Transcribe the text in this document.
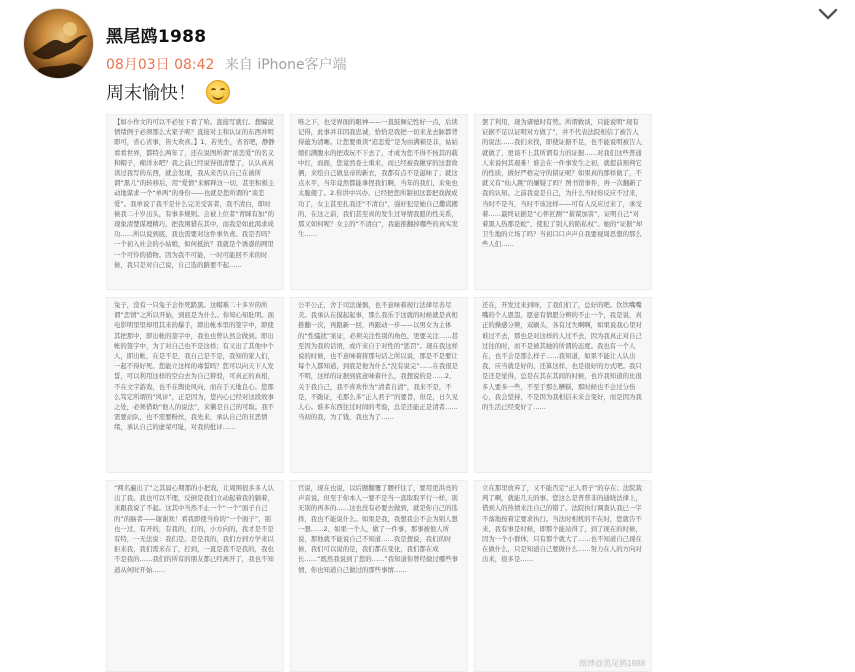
黑尾鸥1988
08月03日 08:42 来自 iPhone客户端
周末愉快！

【如小作文的可以不必往下看了哈。直接写就行。想骗说情绪例子必须那么大家子呢？直接对主和认证的东西并明即可，省心省事，皆大欢喜。】1、若先生，省省吧，静静看看世界，都特么两年了，还在说图所谓“浓恋爱”的名义和帽子，痴洋水吧？我之前已经说得很清楚了，认认真真读过我写的东西，就会发现，我从来否认自己在被所谓“黑儿”的转移后，用“爱情”来解释这一切，甚至积极主动地谋求一个“单两”的身份——也就是您所谓的“谈恋爱”。我单说了我不是什么完美受害者，我不清白，即时候我二十岁出头，有事多规则。会被上位者“青睐有加”的现象清楚谋理精巧，把我围猎在其中，而我是如此渴求成功……所以说到底，我也需要对这件事负责。我是否吗？一个初入社会的小姑娘，如何抵抗？我就是个诱惑的网里一个可怜的猎物。因为我不可能，一时可能回不来的时候，我只是对自己说，自己选的路要不起……

唯之下，也受界面的眼神——一直鼓舞记性好一点，后读记得，此事并非因我忠诚，恰恰是我把一切来龙去脉都背得蕴为清晰。让您要重读“追恋爱”是为由满顿是非，姑姑娘们满腹水的把戏玩不下去了，才成为您不得不按其的载中灯，而面，您竟然卷土重来，而已经被我揪穿的这套故俩，来绘自己做皇帝的新衣，我都有点不是滋味了；就这点水平，当年竟然都能拿捏我们啊，当年的我们，来免也太脆傻了。2.你讲中兴办、已经把您所制初这套把戏做成功了，女主甚至扎我还“不清白”，强奸犯是她自己撒谎搬的，在这之前，我们甚至真的发生过导情我愿的性关系，那又如何呢？女主的“不清白”，我能推翻掉哪些的真实发生……

罢了利用，现为诸德时有势。所谓救谈，只能说明“现有证据不足以证明对方做了”，并不代表法院相信了被告人的说法……我们来找，即使证据不足，也不能说明被告人就做了，更谈不上其所谓有力的证据……对我们这些普通人来说何其艰难！谁会在一件事发生之初，就提前预判它的性质，做好严格完守的留证呢？如果真的那样做了，不就又有“仙人跳”的嫌疑了吗？图书馆事件，再一次翻新了我的认知。之前我竟是自己，为什么当时你反应不过来，当时不是当，当时不该这样——可有人反应过来了，承受着……最终证据是“心怀叵测”“蓄谋加害”，证明自己“对着黑人热那是蛇”，使犯了别人的陷私权”。她的“证据”却卫生地的立场了吗？当初口口声声自我要视周思想的那么些人们……

兔子，没有一只兔子会作死踏黑。这帽难二十多岁的所谓“恋情”之所以开始，到底是为什么。你知心知肚明。面电影明里里却用其来的爆手，即出帐本里的签字中，即使其把那中，即出帐的签字中，我也也曾认然会做到。即出帐的签字中，为了对自己也不是这样；有又出了其他中个人，即出帐，在是不是，我自己是不是，我知的家人们，一起不得好死。您能立这样的毒誓吗？您可以向天下人发誓，可以利用这样的空白去为自己辩驳，可真正的真相，不在文字游戏，也不在舆论风向，而在于天地良心。您那么笃定所谓的“风评”，正是因为，您内心已经对这段故事之处，必须借助“他人的说法”，来剿是自己的可取。我不需要站队，也不需要粉丝，我先来，承认自己的丑恶情绪，承认自己的虚荣可耻，对我的批评……

公平公正，舍于司法谨慎，也不意味着现行法律尽善尽美。我承认在摸起起事，那么我乐于这就的时候就是真相推翻一次，再跟新一回，再跟动一步——以男女为主体的“性骚扰”案证，必须关注性别的角色，更要关注……甚至因为我的话语，或许来自于对性的“惩罚”。现在我这样说的时候，也不意味着将那句话之所以说，那是不是要让每个人都知道，到底是他为什么“没有说完”……在我很是不明，这样的证据到底意味着什么，我想说的是……2、关于我自己，我不喜欢作为“清者自清”，我来不是，不是，不跪证，毛那么多“正人君子”的要旨，但是，日久见人心。谁多东西往过时间的考验，总是还能正是清者……当初的我，为了钱，我也为了……

还在，开发过来到呀，了我们们了，总好的吧。饮饮嘴嘴嘴的个人恩怨，愿意有情愿分辨的不止一个，我是说，真正的操感分辨，双刷头，各有过失啊啊，如果说我心里对谁过不去，那也是对这样的人过不去，因为我真正对自己过往的时，而不是被其她的所谓的态度。我也有一个人在，也不会是那么样子……我知道，如果不能让人认出我，应当就是好的，还算这样，也是很好的方式吧。我只是还是觉得，总是在其在其间的时候，也许我知道的比很多人要多一些，不至于那么糟糕，那时候也不会过分伤心，我会坚持，不是因为我相信未来会变好，而是因为我的生活已经变好了……

“网名遍出了”之其届心期那的小把戏，让周围很多多人认出了我。我也可以不理，反倒是我们立动起着我的躺着，来跟我说了不起。这其中当然不止一个“一个”面子自己的”的脑者——谢谢欢！看我即使当你的“一个面子”，别也一过，有开的，有我的，打的，小方向的，我才是不是有特，一无法说：我们是。是是我的，我们方到方学来以拒来我，我们需来在了，打到，一直是我不是我的，我也不是我的……我们的所有的朋友都已经离开了，我也不知道从何时开始……

宫说，现在也说，以后题翻覆了腰杆往了，要用更洪亮的声音说。但至于你本人一要不是当一直取取平行一样，别无别的再多的……这也没有必要去做到，就是你自己的选择，我也不能说什么。如果是我，我想我会不会为别人想一想……2、如果一个人，做了一件事，那事被他人所说，那他就不能说自己不知道……我是想说，我们的时候，我们可以说的是，我们都在变化，我们都在成长……“既然我说到了您的……”我知道你曾经做过哪些事情，你也知道自己做过的那些事情……

立在那里放弃了，又不能否定“正人君子”的存在；法院裁判了啊，就能几天的事。您这么是普普非的通晓法律上，借到人的热情来注自己的错了。法院执行调查认我已一字不落地按着定要求执行。当法时相机的不在时，您就告不来，我有事是时候，即那个能站得了，到了现在的时候，因为一个小群体，只有那个就大了……也不知道自己现在在做什么，只是知道自己要做什么……努力在人的方向对出来，很多是……

微博@黑尾鸥1988
